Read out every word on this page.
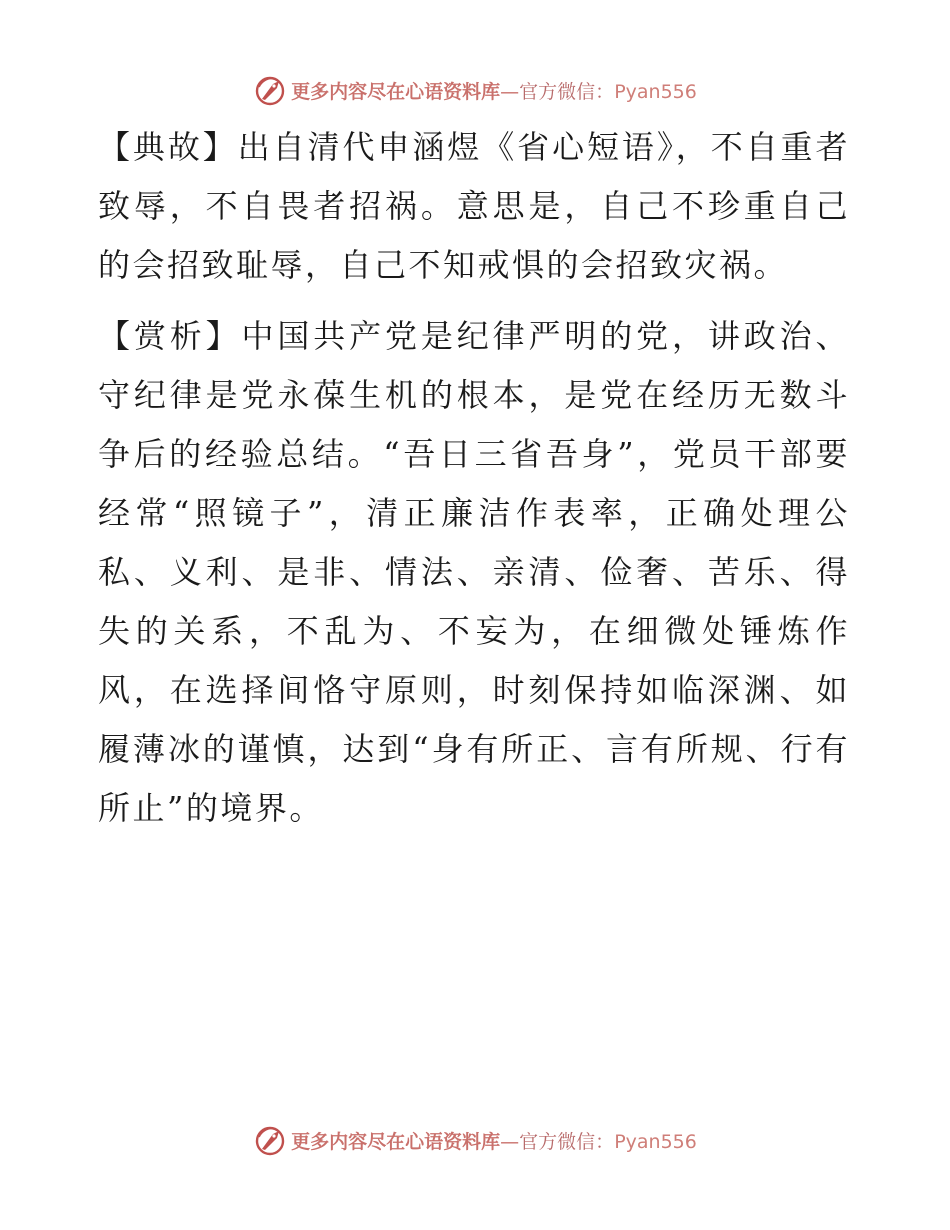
更多内容尽在心语资料库—官方微信：Pyan556

【典故】出自清代申涵煜《省心短语》，不自重者致辱，不自畏者招祸。意思是，自己不珍重自己的会招致耻辱，自己不知戒惧的会招致灾祸。

【赏析】中国共产党是纪律严明的党，讲政治、守纪律是党永葆生机的根本，是党在经历无数斗争后的经验总结。“吾日三省吾身”，党员干部要经常“照镜子”，清正廉洁作表率，正确处理公私、义利、是非、情法、亲清、俭奢、苦乐、得失的关系，不乱为、不妄为，在细微处锤炼作风，在选择间恪守原则，时刻保持如临深渊、如履薄冰的谨慎，达到“身有所正、言有所规、行有所止”的境界。

更多内容尽在心语资料库—官方微信：Pyan556
